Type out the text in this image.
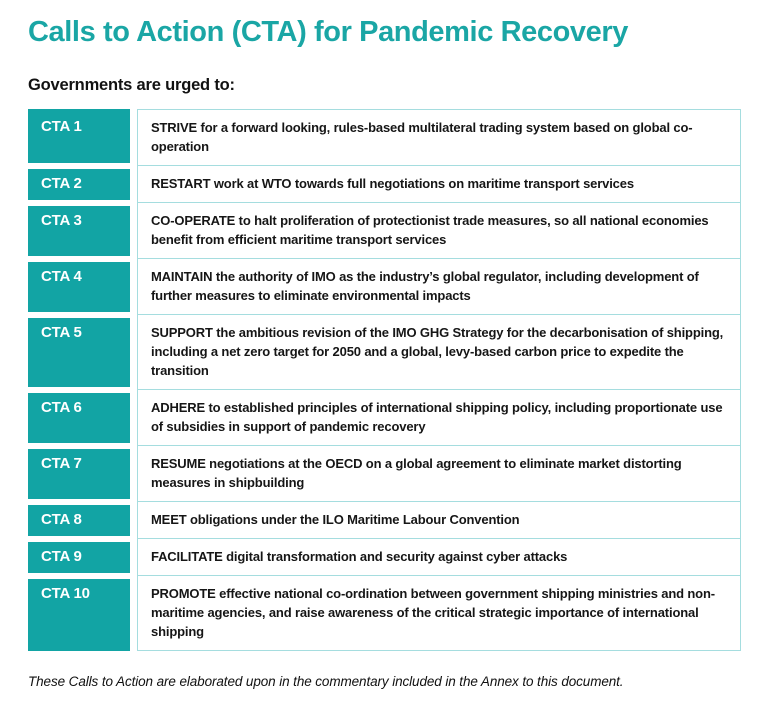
Calls to Action (CTA) for Pandemic Recovery
Governments are urged to:
CTA 1	STRIVE for a forward looking, rules-based multilateral trading system based on global co-operation
CTA 2	RESTART work at WTO towards full negotiations on maritime transport services
CTA 3	CO-OPERATE to halt proliferation of protectionist trade measures, so all national economies benefit from efficient maritime transport services
CTA 4	MAINTAIN the authority of IMO as the industry’s global regulator, including development of further measures to eliminate environmental impacts
CTA 5	SUPPORT the ambitious revision of the IMO GHG Strategy for the decarbonisation of shipping, including a net zero target for 2050 and a global, levy-based carbon price to expedite the transition
CTA 6	ADHERE to established principles of international shipping policy, including proportionate use of subsidies in support of pandemic recovery
CTA 7	RESUME negotiations at the OECD on a global agreement to eliminate market distorting measures in shipbuilding
CTA 8	MEET obligations under the ILO Maritime Labour Convention
CTA 9	FACILITATE digital transformation and security against cyber attacks
CTA 10	PROMOTE effective national co-ordination between government shipping ministries and non-maritime agencies, and raise awareness of the critical strategic importance of international shipping
These Calls to Action are elaborated upon in the commentary included in the Annex to this document.
